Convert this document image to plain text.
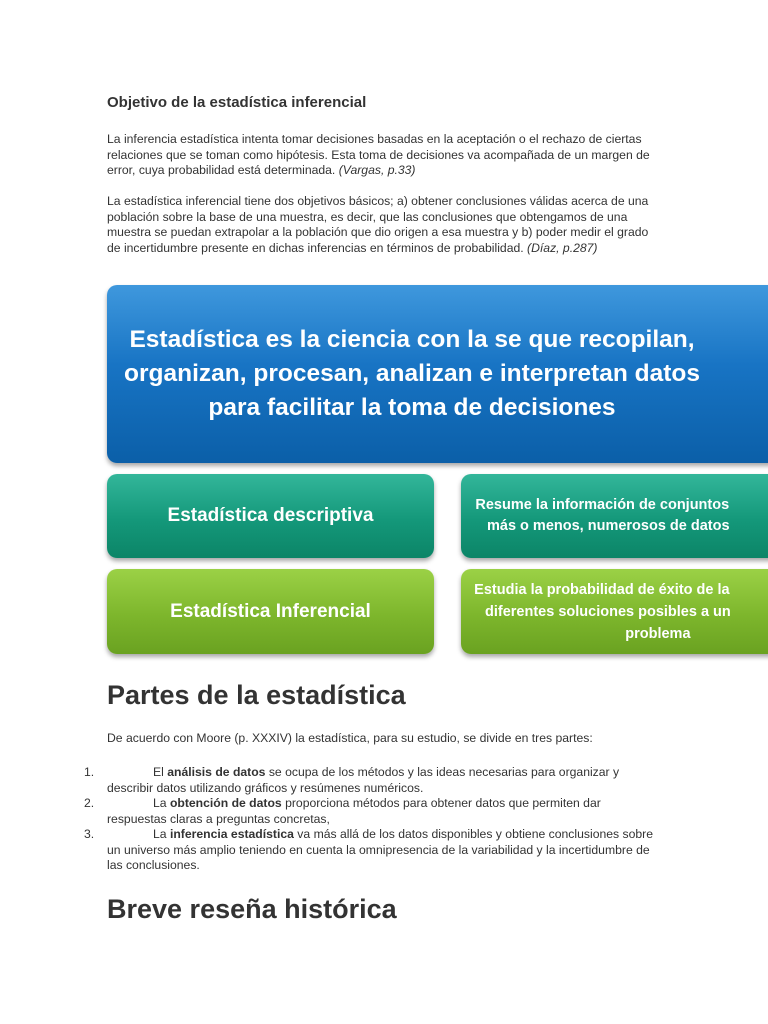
Objetivo de la estadística inferencial

La inferencia estadística intenta tomar decisiones basadas en la aceptación o el rechazo de ciertas relaciones que se toman como hipótesis. Esta toma de decisiones va acompañada de un margen de error, cuya probabilidad está determinada. (Vargas, p.33)

La estadística inferencial tiene dos objetivos básicos; a) obtener conclusiones válidas acerca de una población sobre la base de una muestra, es decir, que las conclusiones que obtengamos de una muestra se puedan extrapolar a la población que dio origen a esa muestra y b) poder medir el grado de incertidumbre presente en dichas inferencias en términos de probabilidad. (Díaz, p.287)

Estadística es la ciencia con la se que recopilan,
organizan, procesan, analizan e interpretan datos
para facilitar la toma de decisiones
Estadística descriptiva	Resume la información de conjuntos
más o menos, numerosos de datos
Estadística Inferencial
Estudia la probabilidad de éxito de la
diferentes soluciones posibles a un
problema
Partes de la estadística

De acuerdo con Moore (p. XXXIV) la estadística, para su estudio, se divide en tres partes:

1.	El análisis de datos se ocupa de los métodos y las ideas necesarias para organizar y describir datos utilizando gráficos y resúmenes numéricos.
2.	La obtención de datos proporciona métodos para obtener datos que permiten dar respuestas claras a preguntas concretas,
3.	La inferencia estadística va más allá de los datos disponibles y obtiene conclusiones sobre un universo más amplio teniendo en cuenta la omnipresencia de la variabilidad y la incertidumbre de las conclusiones.
Breve reseña histórica
